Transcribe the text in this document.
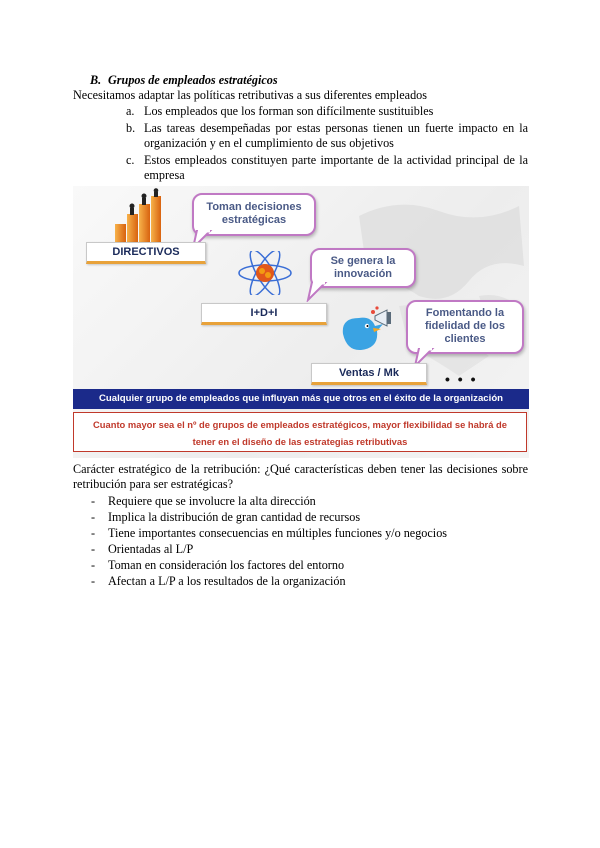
B. Grupos de empleados estratégicos
Necesitamos adaptar las políticas retributivas a sus diferentes empleados
a. Los empleados que los forman son difícilmente sustituibles
b. Las tareas desempeñadas por estas personas tienen un fuerte impacto en la
organización y en el cumplimiento de sus objetivos
c. Estos empleados constituyen parte importante de la actividad principal de la
empresa
Toman decisiones
estratégicas
DIRECTIVOS
Se genera la
innovación
I+D+I	Fomentando la
fidelidad de los
clientes
Ventas / Mk	• • •
Cualquier grupo de empleados que influyan más que otros en el éxito de la organización
Cuanto mayor sea el nº de grupos de empleados estratégicos, mayor flexibilidad se habrá de
tener en el diseño de las estrategias retributivas
Carácter estratégico de la retribución: ¿Qué características deben tener las decisiones sobre
retribución para ser estratégicas?
- Requiere que se involucre la alta dirección
- Implica la distribución de gran cantidad de recursos
- Tiene importantes consecuencias en múltiples funciones y/o negocios
- Orientadas al L/P
- Toman en consideración los factores del entorno
- Afectan a L/P a los resultados de la organización
